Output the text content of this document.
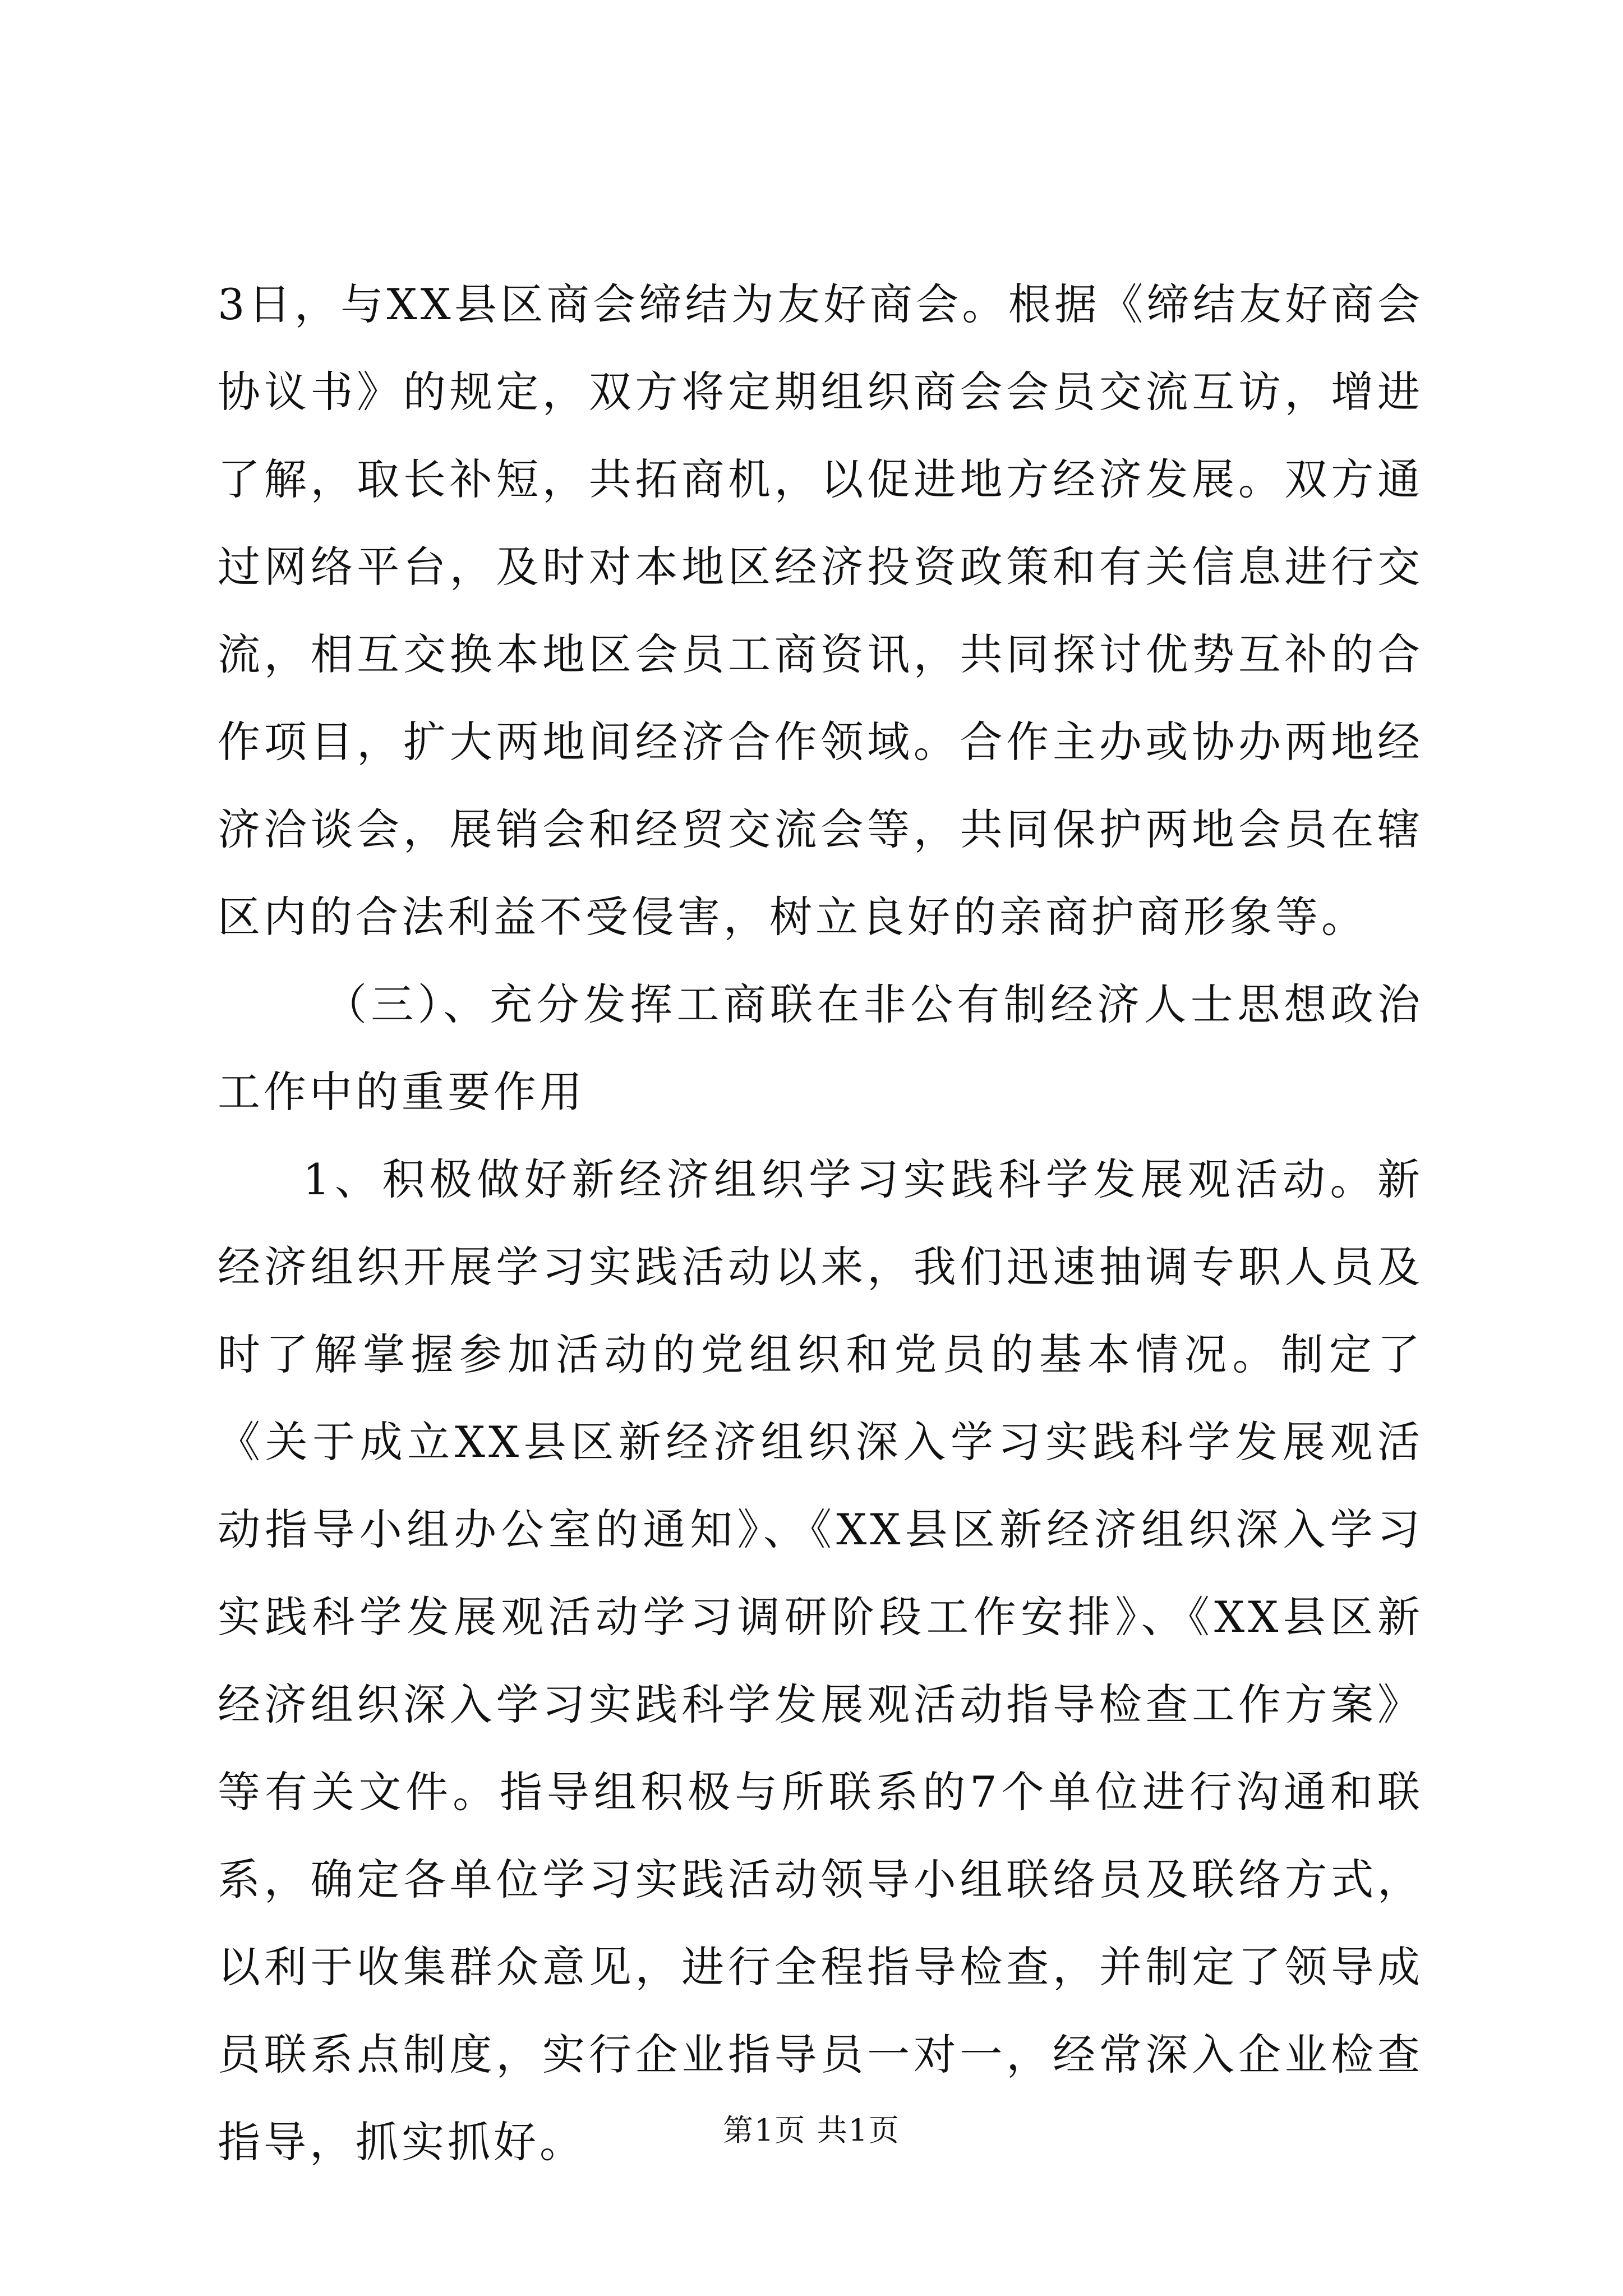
3日，与XX县区商会缔结为友好商会。根据《缔结友好商会协议书》的规定，双方将定期组织商会会员交流互访，增进了解，取长补短，共拓商机，以促进地方经济发展。双方通过网络平台，及时对本地区经济投资政策和有关信息进行交流，相互交换本地区会员工商资讯，共同探讨优势互补的合作项目，扩大两地间经济合作领域。合作主办或协办两地经济洽谈会，展销会和经贸交流会等，共同保护两地会员在辖区内的合法利益不受侵害，树立良好的亲商护商形象等。

（三）、充分发挥工商联在非公有制经济人士思想政治工作中的重要作用

1、积极做好新经济组织学习实践科学发展观活动。新经济组织开展学习实践活动以来，我们迅速抽调专职人员及时了解掌握参加活动的党组织和党员的基本情况。制定了《关于成立XX县区新经济组织深入学习实践科学发展观活动指导小组办公室的通知》、《XX县区新经济组织深入学习实践科学发展观活动学习调研阶段工作安排》、《XX县区新经济组织深入学习实践科学发展观活动指导检查工作方案》等有关文件。指导组积极与所联系的7个单位进行沟通和联系，确定各单位学习实践活动领导小组联络员及联络方式，以利于收集群众意见，进行全程指导检查，并制定了领导成员联系点制度，实行企业指导员一对一，经常深入企业检查指导，抓实抓好。	第1页 共1页
